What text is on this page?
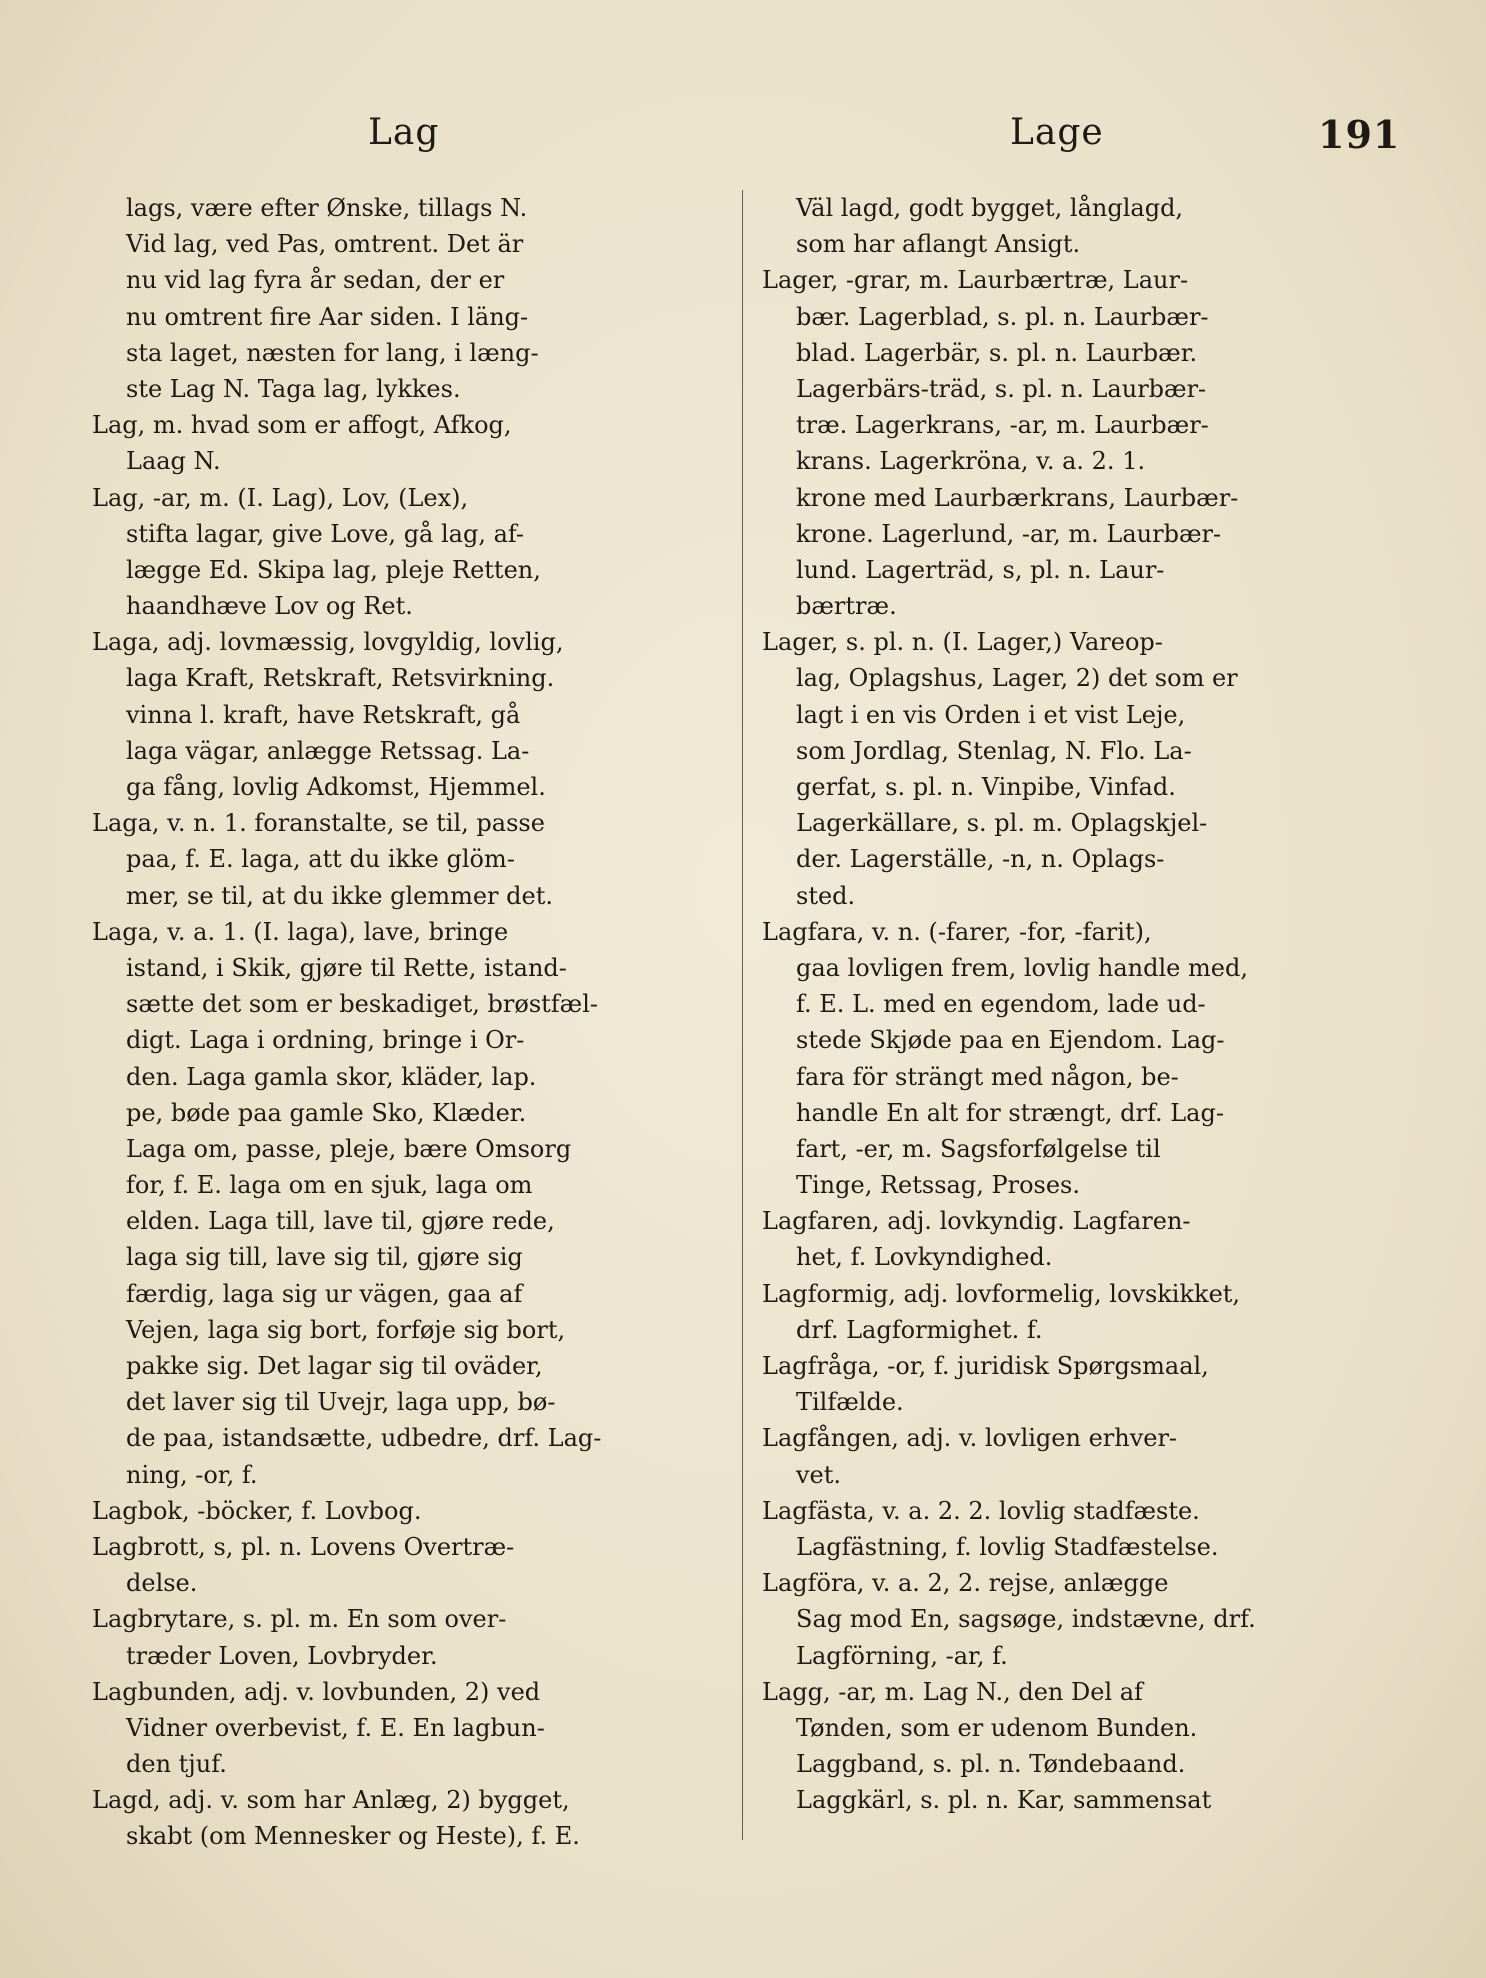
Lag	Lage	191
lags, være efter Ønske, tillags N.
Vid lag, ved Pas, omtrent. Det är
nu vid lag fyra år sedan, der er
nu omtrent fire Aar siden. I läng-
sta laget, næsten for lang, i læng-
ste Lag N. Taga lag, lykkes.
Lag, m. hvad som er affogt, Afkog,
Laag N.
Lag, -ar, m. (I. Lag), Lov, (Lex),
stifta lagar, give Love, gå lag, af-
lægge Ed. Skipa lag, pleje Retten,
haandhæve Lov og Ret.
Laga, adj. lovmæssig, lovgyldig, lovlig,
laga Kraft, Retskraft, Retsvirkning.
vinna l. kraft, have Retskraft, gå
laga vägar, anlægge Retssag. La-
ga fång, lovlig Adkomst, Hjemmel.
Laga, v. n. 1. foranstalte, se til, passe
paa, f. E. laga, att du ikke glöm-
mer, se til, at du ikke glemmer det.
Laga, v. a. 1. (I. laga), lave, bringe
istand, i Skik, gjøre til Rette, istand-
sætte det som er beskadiget, brøstfæl-
digt. Laga i ordning, bringe i Or-
den. Laga gamla skor, kläder, lap.
pe, bøde paa gamle Sko, Klæder.
Laga om, passe, pleje, bære Omsorg
for, f. E. laga om en sjuk, laga om
elden. Laga till, lave til, gjøre rede,
laga sig till, lave sig til, gjøre sig
færdig, laga sig ur vägen, gaa af
Vejen, laga sig bort, forføje sig bort,
pakke sig. Det lagar sig til oväder,
det laver sig til Uvejr, laga upp, bø-
de paa, istandsætte, udbedre, drf. Lag-
ning, -or, f.
Lagbok, -böcker, f. Lovbog.
Lagbrott, s, pl. n. Lovens Overtræ-
delse.
Lagbrytare, s. pl. m. En som over-
træder Loven, Lovbryder.
Lagbunden, adj. v. lovbunden, 2) ved
Vidner overbevist, f. E. En lagbun-
den tjuf.
Lagd, adj. v. som har Anlæg, 2) bygget,
skabt (om Mennesker og Heste), f. E.
Väl lagd, godt bygget, långlagd,
som har aflangt Ansigt.
Lager, -grar, m. Laurbærtræ, Laur-
bær. Lagerblad, s. pl. n. Laurbær-
blad. Lagerbär, s. pl. n. Laurbær.
Lagerbärs-träd, s. pl. n. Laurbær-
træ. Lagerkrans, -ar, m. Laurbær-
krans. Lagerkröna, v. a. 2. 1.
krone med Laurbærkrans, Laurbær-
krone. Lagerlund, -ar, m. Laurbær-
lund. Lagerträd, s, pl. n. Laur-
bærtræ.
Lager, s. pl. n. (I. Lager,) Vareop-
lag, Oplagshus, Lager, 2) det som er
lagt i en vis Orden i et vist Leje,
som Jordlag, Stenlag, N. Flo. La-
gerfat, s. pl. n. Vinpibe, Vinfad.
Lagerkällare, s. pl. m. Oplagskjel-
der. Lagerställe, -n, n. Oplags-
sted.
Lagfara, v. n. (-farer, -for, -farit),
gaa lovligen frem, lovlig handle med,
f. E. L. med en egendom, lade ud-
stede Skjøde paa en Ejendom. Lag-
fara för strängt med någon, be-
handle En alt for strængt, drf. Lag-
fart, -er, m. Sagsforfølgelse til
Tinge, Retssag, Proses.
Lagfaren, adj. lovkyndig. Lagfaren-
het, f. Lovkyndighed.
Lagformig, adj. lovformelig, lovskikket,
drf. Lagformighet. f.
Lagfråga, -or, f. juridisk Spørgsmaal,
Tilfælde.
Lagfången, adj. v. lovligen erhver-
vet.
Lagfästa, v. a. 2. 2. lovlig stadfæste.
Lagfästning, f. lovlig Stadfæstelse.
Lagföra, v. a. 2, 2. rejse, anlægge
Sag mod En, sagsøge, indstævne, drf.
Lagförning, -ar, f.
Lagg, -ar, m. Lag N., den Del af
Tønden, som er udenom Bunden.
Laggband, s. pl. n. Tøndebaand.
Laggkärl, s. pl. n. Kar, sammensat
